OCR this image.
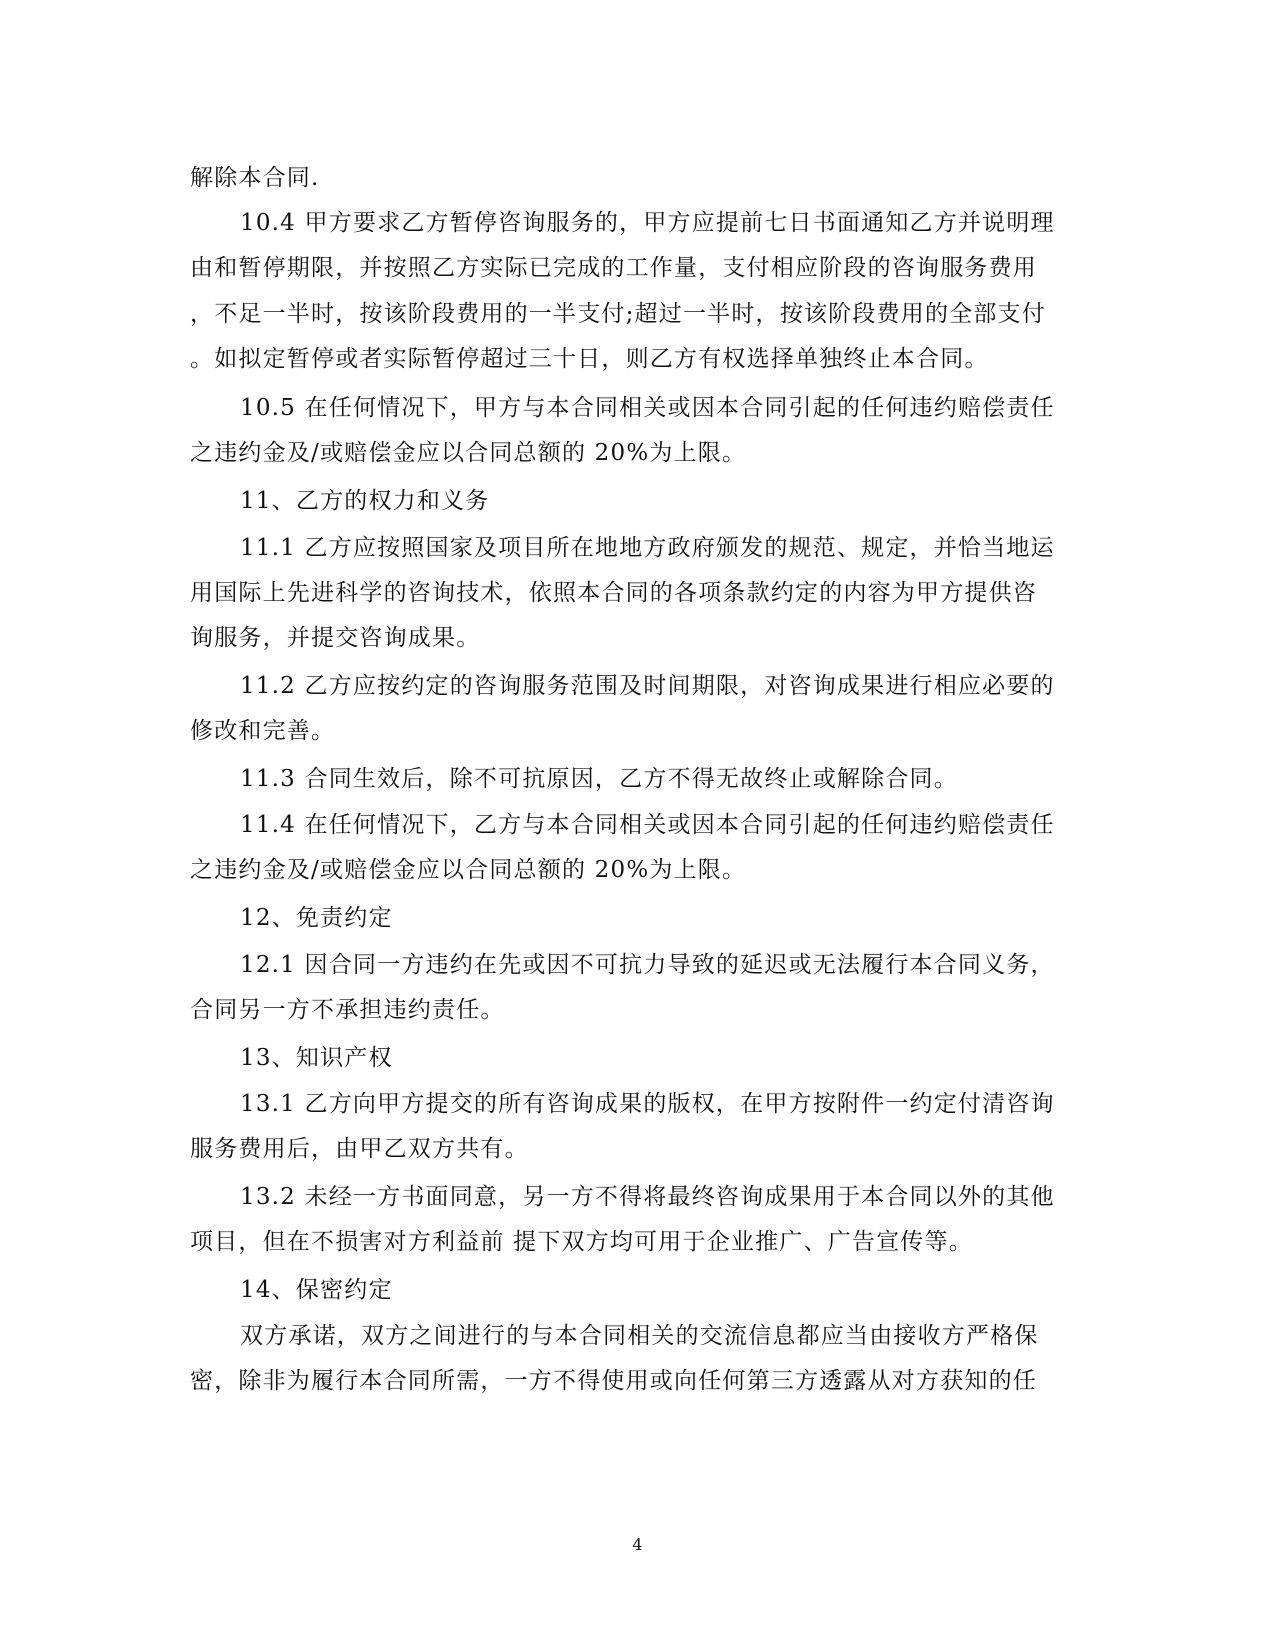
解除本合同.
10.4 甲方要求乙方暂停咨询服务的，甲方应提前七日书面通知乙方并说明理
由和暂停期限，并按照乙方实际已完成的工作量，支付相应阶段的咨询服务费用
，不足一半时，按该阶段费用的一半支付;超过一半时，按该阶段费用的全部支付
。如拟定暂停或者实际暂停超过三十日，则乙方有权选择单独终止本合同。
10.5 在任何情况下，甲方与本合同相关或因本合同引起的任何违约赔偿责任
之违约金及/或赔偿金应以合同总额的 20%为上限。
11、乙方的权力和义务
11.1 乙方应按照国家及项目所在地地方政府颁发的规范、规定，并恰当地运
用国际上先进科学的咨询技术，依照本合同的各项条款约定的内容为甲方提供咨
询服务，并提交咨询成果。
11.2 乙方应按约定的咨询服务范围及时间期限，对咨询成果进行相应必要的
修改和完善。
11.3 合同生效后，除不可抗原因，乙方不得无故终止或解除合同。
11.4 在任何情况下，乙方与本合同相关或因本合同引起的任何违约赔偿责任
之违约金及/或赔偿金应以合同总额的 20%为上限。
12、免责约定
12.1 因合同一方违约在先或因不可抗力导致的延迟或无法履行本合同义务，
合同另一方不承担违约责任。
13、知识产权
13.1 乙方向甲方提交的所有咨询成果的版权，在甲方按附件一约定付清咨询
服务费用后，由甲乙双方共有。
13.2 未经一方书面同意，另一方不得将最终咨询成果用于本合同以外的其他
项目，但在不损害对方利益前 提下双方均可用于企业推广、广告宣传等。
14、保密约定
双方承诺，双方之间进行的与本合同相关的交流信息都应当由接收方严格保
密，除非为履行本合同所需，一方不得使用或向任何第三方透露从对方获知的任
4
